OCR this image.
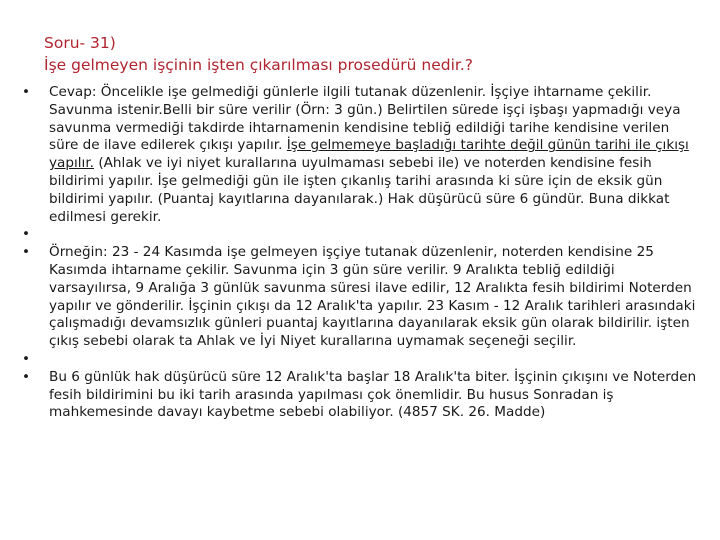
Soru- 31)
İşe gelmeyen işçinin işten çıkarılması prosedürü nedir.?
• Cevap: Öncelikle işe gelmediği günlerle ilgili tutanak düzenlenir. İşçiye ihtarname çekilir. Savunma istenir.Belli bir süre verilir (Örn: 3 gün.) Belirtilen sürede işçi işbaşı yapmadığı veya savunma vermediği takdirde ihtarnamenin kendisine tebliğ edildiği tarihe kendisine verilen süre de ilave edilerek çıkışı yapılır. İşe gelmemeye başladığı tarihte değil günün tarihi ile çıkışı yapılır. (Ahlak ve iyi niyet kurallarına uyulmaması sebebi ile) ve noterden kendisine fesih bildirimi yapılır. İşe gelmediği gün ile işten çıkanlış tarihi arasında ki süre için de eksik gün bildirimi yapılır. (Puantaj kayıtlarına dayanılarak.) Hak düşürücü süre 6 gündür. Buna dikkat edilmesi gerekir.
•
• Örneğin: 23 - 24 Kasımda işe gelmeyen işçiye tutanak düzenlenir, noterden kendisine 25 Kasımda ihtarname çekilir. Savunma için 3 gün süre verilir. 9 Aralıkta tebliğ edildiği varsayılırsa, 9 Aralığa 3 günlük savunma süresi ilave edilir, 12 Aralıkta fesih bildirimi Noterden yapılır ve gönderilir. İşçinin çıkışı da 12 Aralık'ta yapılır. 23 Kasım - 12 Aralık tarihleri arasındaki çalışmadığı devamsızlık günleri puantaj kayıtlarına dayanılarak eksik gün olarak bildirilir. işten çıkış sebebi olarak ta Ahlak ve İyi Niyet kurallarına uymamak seçeneği seçilir.
•
• Bu 6 günlük hak düşürücü süre 12 Aralık'ta başlar 18 Aralık'ta biter. İşçinin çıkışını ve Noterden fesih bildirimini bu iki tarih arasında yapılması çok önemlidir. Bu husus Sonradan iş mahkemesinde davayı kaybetme sebebi olabiliyor. (4857 SK. 26. Madde)
